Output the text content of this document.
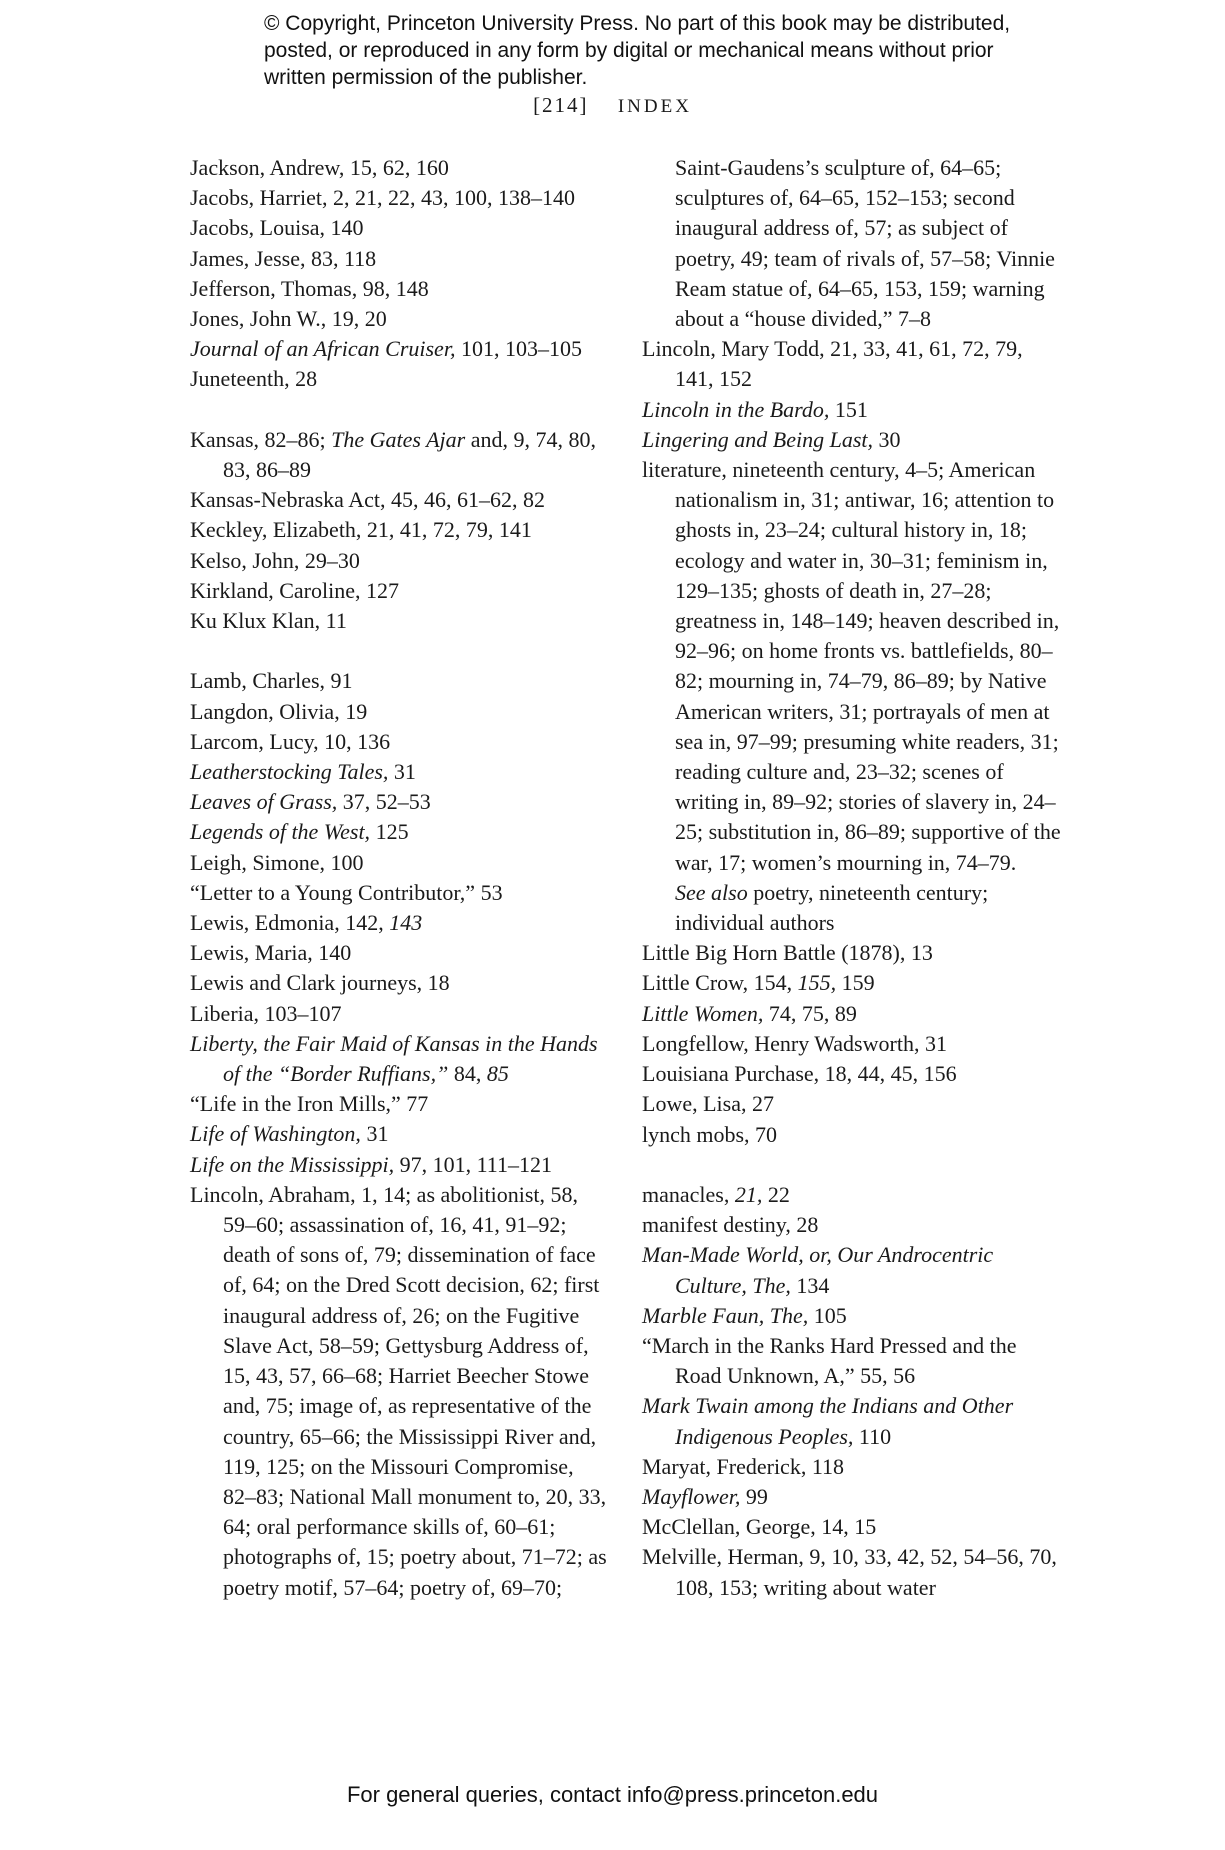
© Copyright, Princeton University Press. No part of this book may be distributed, posted, or reproduced in any form by digital or mechanical means without prior written permission of the publisher.
[214] INDEX
Jackson, Andrew, 15, 62, 160
Jacobs, Harriet, 2, 21, 22, 43, 100, 138–140
Jacobs, Louisa, 140
James, Jesse, 83, 118
Jefferson, Thomas, 98, 148
Jones, John W., 19, 20
Journal of an African Cruiser, 101, 103–105
Juneteenth, 28
Kansas, 82–86; The Gates Ajar and, 9, 74, 80, 83, 86–89
Kansas-Nebraska Act, 45, 46, 61–62, 82
Keckley, Elizabeth, 21, 41, 72, 79, 141
Kelso, John, 29–30
Kirkland, Caroline, 127
Ku Klux Klan, 11
Lamb, Charles, 91
Langdon, Olivia, 19
Larcom, Lucy, 10, 136
Leatherstocking Tales, 31
Leaves of Grass, 37, 52–53
Legends of the West, 125
Leigh, Simone, 100
“Letter to a Young Contributor,” 53
Lewis, Edmonia, 142, 143
Lewis, Maria, 140
Lewis and Clark journeys, 18
Liberia, 103–107
Liberty, the Fair Maid of Kansas in the Hands of the “Border Ruffians,” 84, 85
“Life in the Iron Mills,” 77
Life of Washington, 31
Life on the Mississippi, 97, 101, 111–121
Lincoln, Abraham, 1, 14; as abolitionist, 58, 59–60; assassination of, 16, 41, 91–92; death of sons of, 79; dissemination of face of, 64; on the Dred Scott decision, 62; first inaugural address of, 26; on the Fugitive Slave Act, 58–59; Gettysburg Address of, 15, 43, 57, 66–68; Harriet Beecher Stowe and, 75; image of, as representative of the country, 65–66; the Mississippi River and, 119, 125; on the Missouri Compromise, 82–83; National Mall monument to, 20, 33, 64; oral performance skills of, 60–61; photographs of, 15; poetry about, 71–72; as poetry motif, 57–64; poetry of, 69–70;
Saint-Gaudens’s sculpture of, 64–65; sculptures of, 64–65, 152–153; second inaugural address of, 57; as subject of poetry, 49; team of rivals of, 57–58; Vinnie Ream statue of, 64–65, 153, 159; warning about a “house divided,” 7–8
Lincoln, Mary Todd, 21, 33, 41, 61, 72, 79, 141, 152
Lincoln in the Bardo, 151
Lingering and Being Last, 30
literature, nineteenth century, 4–5; American nationalism in, 31; antiwar, 16; attention to ghosts in, 23–24; cultural history in, 18; ecology and water in, 30–31; feminism in, 129–135; ghosts of death in, 27–28; greatness in, 148–149; heaven described in, 92–96; on home fronts vs. battlefields, 80–82; mourning in, 74–79, 86–89; by Native American writers, 31; portrayals of men at sea in, 97–99; presuming white readers, 31; reading culture and, 23–32; scenes of writing in, 89–92; stories of slavery in, 24–25; substitution in, 86–89; supportive of the war, 17; women’s mourning in, 74–79.
See also poetry, nineteenth century; individual authors
Little Big Horn Battle (1878), 13
Little Crow, 154, 155, 159
Little Women, 74, 75, 89
Longfellow, Henry Wadsworth, 31
Louisiana Purchase, 18, 44, 45, 156
Lowe, Lisa, 27
lynch mobs, 70
manacles, 21, 22
manifest destiny, 28
Man-Made World, or, Our Androcentric Culture, The, 134
Marble Faun, The, 105
“March in the Ranks Hard Pressed and the Road Unknown, A,” 55, 56
Mark Twain among the Indians and Other Indigenous Peoples, 110
Maryat, Frederick, 118
Mayflower, 99
McClellan, George, 14, 15
Melville, Herman, 9, 10, 33, 42, 52, 54–56, 70, 108, 153; writing about water
For general queries, contact info@press.princeton.edu
